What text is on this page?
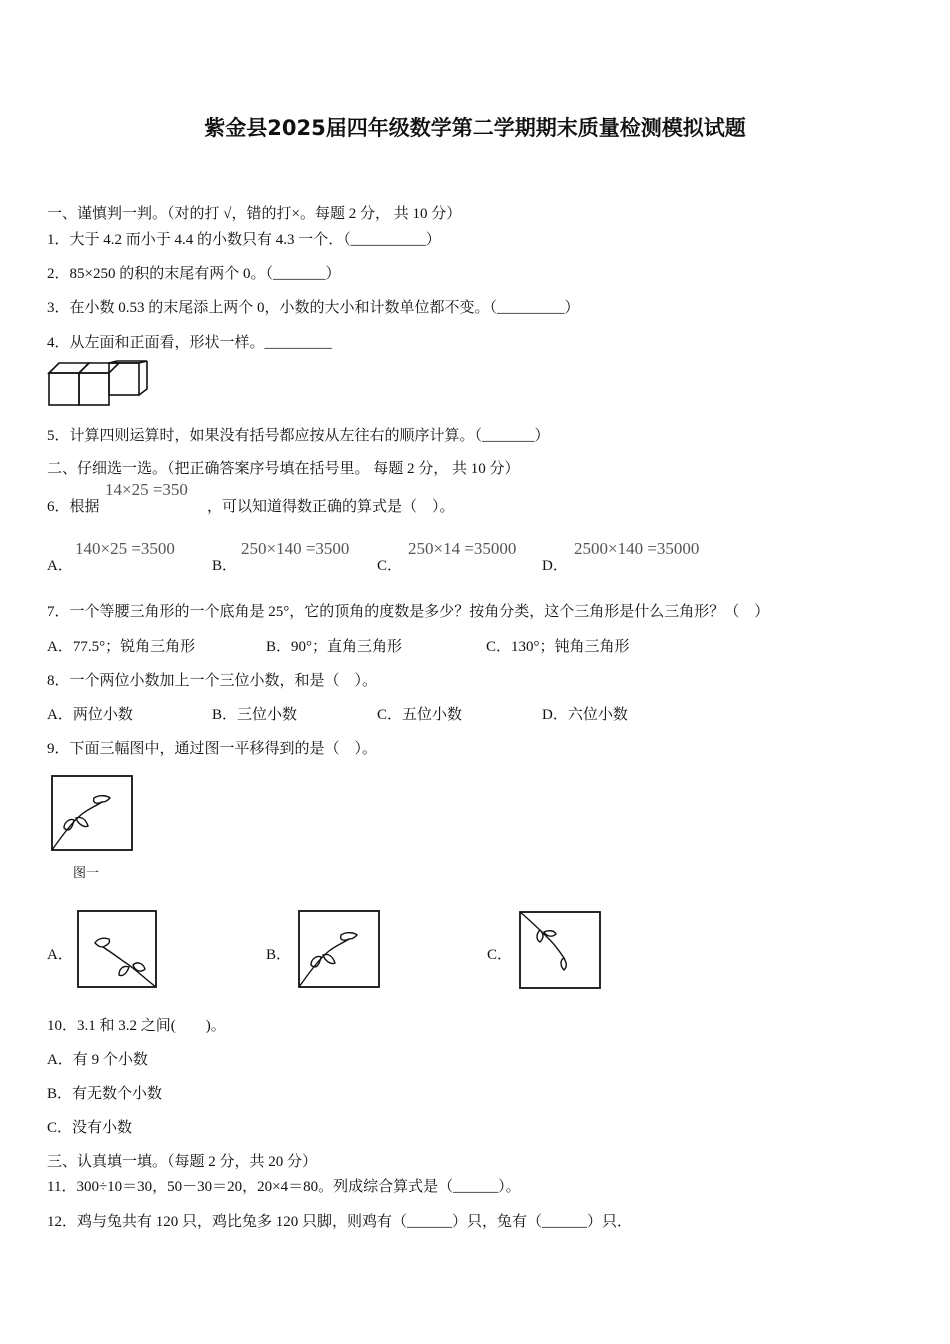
紫金县2025届四年级数学第二学期期末质量检测模拟试题
一、谨慎判一判。（对的打 √，错的打×。每题 2 分， 共 10 分）
1．大于 4.2 而小于 4.4 的小数只有 4.3 一个．（__________）
2．85×250 的积的末尾有两个 0。（_______）
3．在小数 0.53 的末尾添上两个 0，小数的大小和计数单位都不变。（_________）
4．从左面和正面看，形状一样。_________
5．计算四则运算时，如果没有括号都应按从左往右的顺序计算。（_______）
二、仔细选一选。（把正确答案序号填在括号里。 每题 2 分， 共 10 分）
6．根据
14×25 =350
，可以知道得数正确的算式是（　）。
A．
140×25 =3500
B．
250×140 =3500
C．
250×14 =35000
D．
2500×140 =35000
7．一个等腰三角形的一个底角是 25°，它的顶角的度数是多少？按角分类，这个三角形是什么三角形？（　）
A．77.5°；锐角三角形	B．90°；直角三角形	C．130°；钝角三角形
8．一个两位小数加上一个三位小数，和是（　）。
A．两位小数	B．三位小数	C．五位小数	D．六位小数
9．下面三幅图中，通过图一平移得到的是（　）。
图一
A．	B．	C．
10．3.1 和 3.2 之间(　　)。
A．有 9 个小数
B．有无数个小数
C．没有小数
三、认真填一填。（每题 2 分，共 20 分）
11．300÷10＝30，50－30＝20，20×4＝80。列成综合算式是（______）。
12．鸡与兔共有 120 只，鸡比兔多 120 只脚，则鸡有（______）只，兔有（______）只．
